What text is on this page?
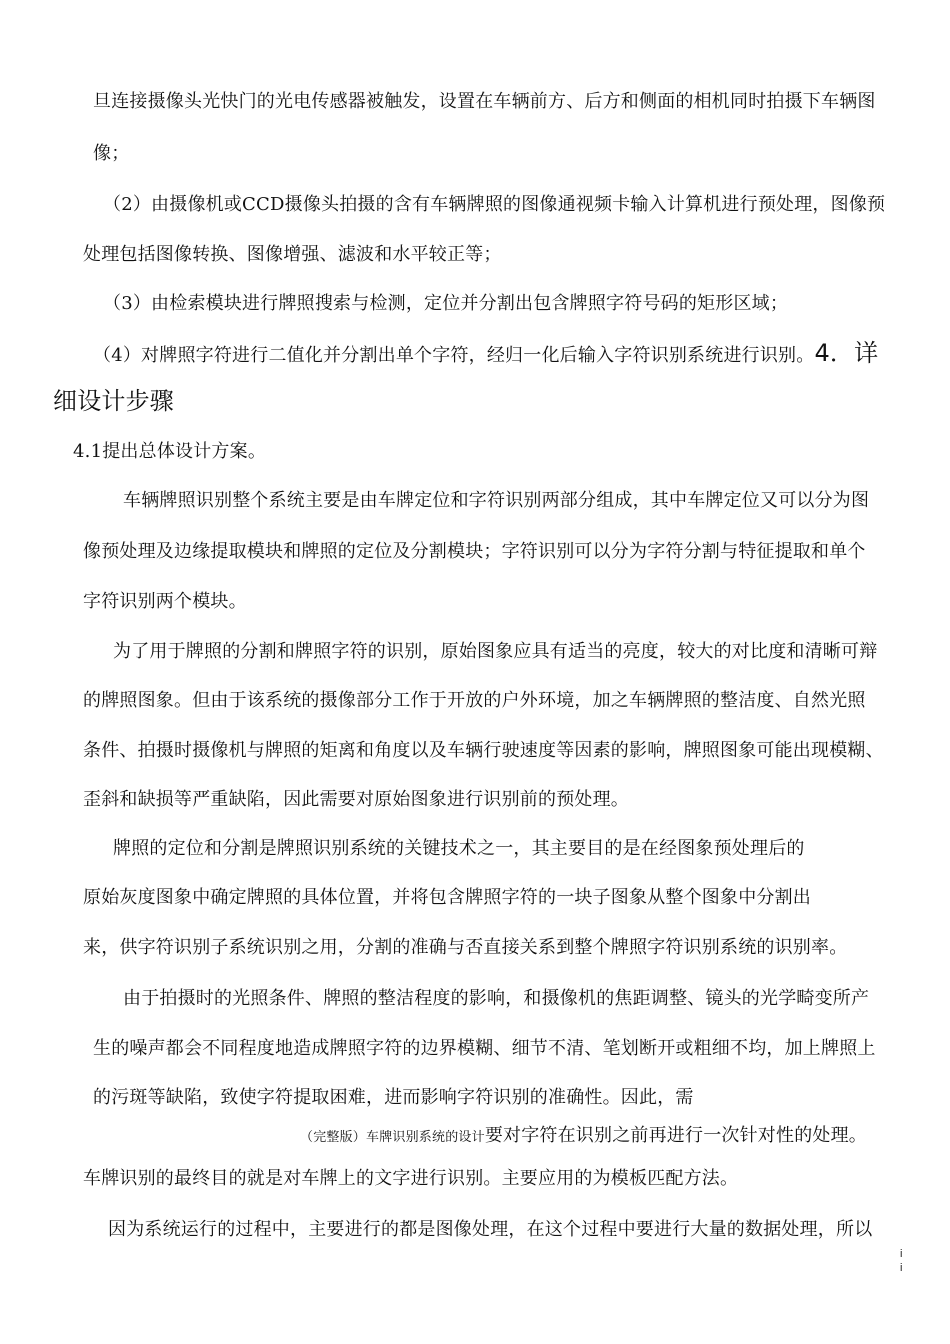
旦连接摄像头光快门的光电传感器被触发，设置在车辆前方、后方和侧面的相机同时拍摄下车辆图
像；
（2）由摄像机或CCD摄像头拍摄的含有车辆牌照的图像通视频卡输入计算机进行预处理，图像预
处理包括图像转换、图像增强、滤波和水平较正等；
（3）由检索模块进行牌照搜索与检测，定位并分割出包含牌照字符号码的矩形区域；
（4）对牌照字符进行二值化并分割出单个字符，经归一化后输入字符识别系统进行识别。4．详
细设计步骤
4.1提出总体设计方案。
车辆牌照识别整个系统主要是由车牌定位和字符识别两部分组成，其中车牌定位又可以分为图
像预处理及边缘提取模块和牌照的定位及分割模块；字符识别可以分为字符分割与特征提取和单个
字符识别两个模块。
为了用于牌照的分割和牌照字符的识别，原始图象应具有适当的亮度，较大的对比度和清晰可辩
的牌照图象。但由于该系统的摄像部分工作于开放的户外环境，加之车辆牌照的整洁度、自然光照
条件、拍摄时摄像机与牌照的矩离和角度以及车辆行驶速度等因素的影响，牌照图象可能出现模糊、
歪斜和缺损等严重缺陷，因此需要对原始图象进行识别前的预处理。
牌照的定位和分割是牌照识别系统的关键技术之一，其主要目的是在经图象预处理后的
原始灰度图象中确定牌照的具体位置，并将包含牌照字符的一块子图象从整个图象中分割出
来，供字符识别子系统识别之用，分割的准确与否直接关系到整个牌照字符识别系统的识别率。
由于拍摄时的光照条件、牌照的整洁程度的影响，和摄像机的焦距调整、镜头的光学畸变所产
生的噪声都会不同程度地造成牌照字符的边界模糊、细节不清、笔划断开或粗细不均，加上牌照上
的污斑等缺陷，致使字符提取困难，进而影响字符识别的准确性。因此，需
（完整版）车牌识别系统的设计要对字符在识别之前再进行一次针对性的处理。
车牌识别的最终目的就是对车牌上的文字进行识别。主要应用的为模板匹配方法。
因为系统运行的过程中，主要进行的都是图像处理，在这个过程中要进行大量的数据处理，所以
i
i
